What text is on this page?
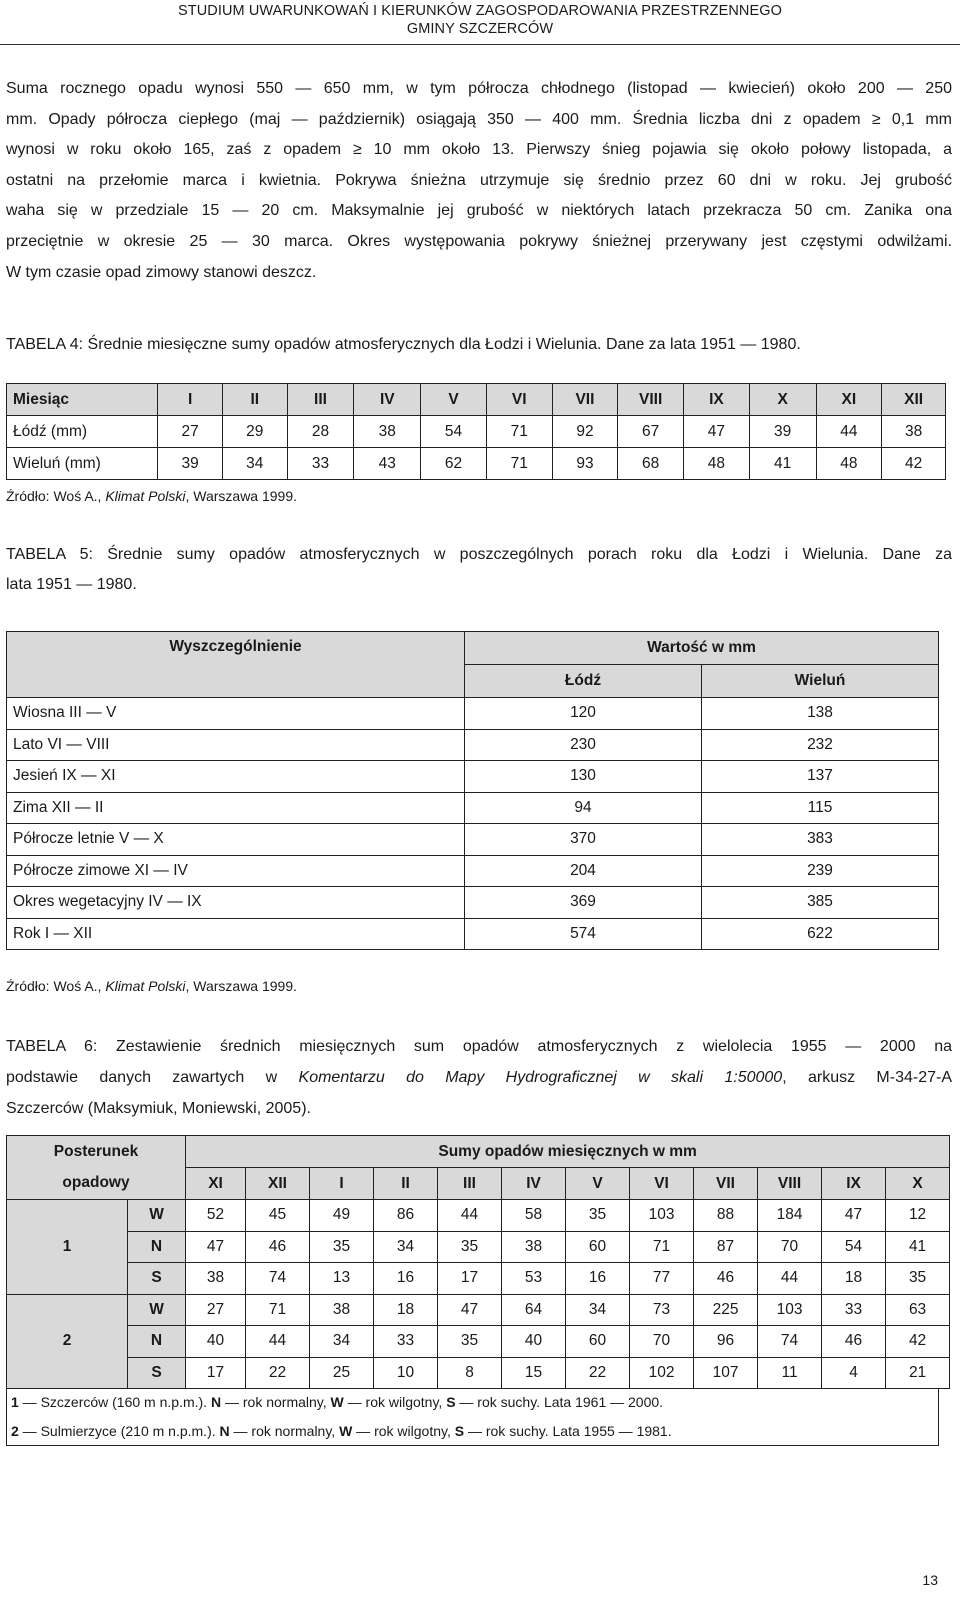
STUDIUM UWARUNKOWAŃ I KIERUNKÓW ZAGOSPODAROWANIA PRZESTRZENNEGO
GMINY SZCZERCÓW
Suma rocznego opadu wynosi 550 — 650 mm, w tym półrocza chłodnego (listopad — kwiecień) około 200 — 250
mm. Opady półrocza ciepłego (maj — październik) osiągają 350 — 400 mm. Średnia liczba dni z opadem ≥ 0,1 mm
wynosi w roku około 165, zaś z opadem ≥ 10 mm około 13. Pierwszy śnieg pojawia się około połowy listopada, a
ostatni na przełomie marca i kwietnia. Pokrywa śnieżna utrzymuje się średnio przez 60 dni w roku. Jej grubość
waha się w przedziale 15 — 20 cm. Maksymalnie jej grubość w niektórych latach przekracza 50 cm. Zanika ona
przeciętnie w okresie 25 — 30 marca. Okres występowania pokrywy śnieżnej przerywany jest częstymi odwilżami.
W tym czasie opad zimowy stanowi deszcz.
TABELA 4: Średnie miesięczne sumy opadów atmosferycznych dla Łodzi i Wielunia. Dane za lata 1951 — 1980.
Miesiąc	I	II	III	IV	V	VI	VII	VIII	IX	X	XI	XII
Łódź (mm)	27	29	28	38	54	71	92	67	47	39	44	38
Wieluń (mm)	39	34	33	43	62	71	93	68	48	41	48	42
Źródło: Woś A., Klimat Polski, Warszawa 1999.
TABELA 5: Średnie sumy opadów atmosferycznych w poszczególnych porach roku dla Łodzi i Wielunia. Dane za
lata 1951 — 1980.
Wyszczególnienie	Wartość w mm	
	Łódź	Wieluń
Wiosna III — V	120	138
Lato VI — VIII	230	232
Jesień IX — XI	130	137
Zima XII — II	94	115
Półrocze letnie V — X	370	383
Półrocze zimowe XI — IV	204	239
Okres wegetacyjny IV — IX	369	385
Rok I — XII	574	622
Źródło: Woś A., Klimat Polski, Warszawa 1999.
TABELA 6: Zestawienie średnich miesięcznych sum opadów atmosferycznych z wielolecia 1955 — 2000 na
podstawie danych zawartych w Komentarzu do Mapy Hydrograficznej w skali 1:50000, arkusz M-34-27-A
Szczerców (Maksymiuk, Moniewski, 2005).
Posterunek		Sumy opadów miesięcznych w mm											
opadowy		XI	XII	I	II	III	IV	V	VI	VII	VIII	IX	X
1	W	52	45	49	86	44	58	35	103	88	184	47	12
	N	47	46	35	34	35	38	60	71	87	70	54	41
	S	38	74	13	16	17	53	16	77	46	44	18	35
2	W	27	71	38	18	47	64	34	73	225	103	33	63
	N	40	44	34	33	35	40	60	70	96	74	46	42
	S	17	22	25	10	8	15	22	102	107	11	4	21
1 — Szczerców (160 m n.p.m.). N — rok normalny, W — rok wilgotny, S — rok suchy. Lata 1961 — 2000.
2 — Sulmierzyce (210 m n.p.m.). N — rok normalny, W — rok wilgotny, S — rok suchy. Lata 1955 — 1981.
13
